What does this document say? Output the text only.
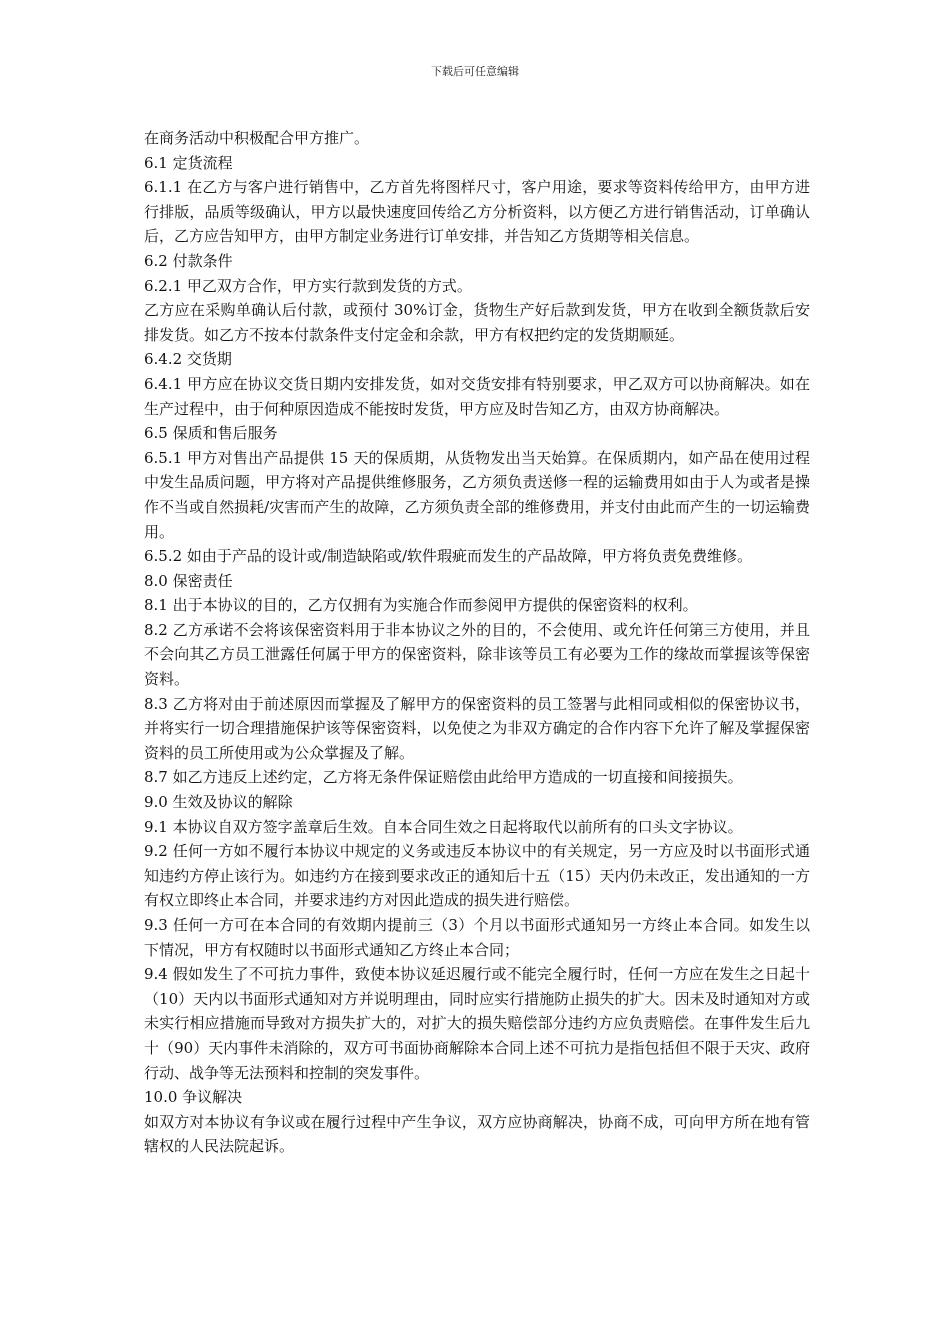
下载后可任意编辑

在商务活动中积极配合甲方推广。

6.1 定货流程

6.1.1 在乙方与客户进行销售中，乙方首先将图样尺寸，客户用途，要求等资料传给甲方，由甲方进行排版，品质等级确认，甲方以最快速度回传给乙方分析资料，以方便乙方进行销售活动，订单确认后，乙方应告知甲方，由甲方制定业务进行订单安排，并告知乙方货期等相关信息。

6.2 付款条件

6.2.1 甲乙双方合作，甲方实行款到发货的方式。

乙方应在采购单确认后付款，或预付 30%订金，货物生产好后款到发货，甲方在收到全额货款后安排发货。如乙方不按本付款条件支付定金和余款，甲方有权把约定的发货期顺延。

6.4.2 交货期

6.4.1 甲方应在协议交货日期内安排发货，如对交货安排有特别要求，甲乙双方可以协商解决。如在生产过程中，由于何种原因造成不能按时发货，甲方应及时告知乙方，由双方协商解决。

6.5 保质和售后服务

6.5.1 甲方对售出产品提供 15 天的保质期，从货物发出当天始算。在保质期内，如产品在使用过程中发生品质问题，甲方将对产品提供维修服务，乙方须负责送修一程的运输费用如由于人为或者是操作不当或自然损耗/灾害而产生的故障，乙方须负责全部的维修费用，并支付由此而产生的一切运输费用。

6.5.2 如由于产品的设计或/制造缺陷或/软件瑕疵而发生的产品故障，甲方将负责免费维修。

8.0 保密责任

8.1 出于本协议的目的，乙方仅拥有为实施合作而参阅甲方提供的保密资料的权利。

8.2 乙方承诺不会将该保密资料用于非本协议之外的目的，不会使用、或允许任何第三方使用，并且不会向其乙方员工泄露任何属于甲方的保密资料，除非该等员工有必要为工作的缘故而掌握该等保密资料。

8.3 乙方将对由于前述原因而掌握及了解甲方的保密资料的员工签署与此相同或相似的保密协议书，并将实行一切合理措施保护该等保密资料，以免使之为非双方确定的合作内容下允许了解及掌握保密资料的员工所使用或为公众掌握及了解。

8.7 如乙方违反上述约定，乙方将无条件保证赔偿由此给甲方造成的一切直接和间接损失。

9.0 生效及协议的解除

9.1 本协议自双方签字盖章后生效。自本合同生效之日起将取代以前所有的口头文字协议。

9.2 任何一方如不履行本协议中规定的义务或违反本协议中的有关规定，另一方应及时以书面形式通知违约方停止该行为。如违约方在接到要求改正的通知后十五（15）天内仍未改正，发出通知的一方有权立即终止本合同，并要求违约方对因此造成的损失进行赔偿。

9.3 任何一方可在本合同的有效期内提前三（3）个月以书面形式通知另一方终止本合同。如发生以下情况，甲方有权随时以书面形式通知乙方终止本合同；

9.4 假如发生了不可抗力事件，致使本协议延迟履行或不能完全履行时，任何一方应在发生之日起十（10）天内以书面形式通知对方并说明理由，同时应实行措施防止损失的扩大。因未及时通知对方或未实行相应措施而导致对方损失扩大的，对扩大的损失赔偿部分违约方应负责赔偿。在事件发生后九十（90）天内事件未消除的，双方可书面协商解除本合同上述不可抗力是指包括但不限于天灾、政府行动、战争等无法预料和控制的突发事件。

10.0 争议解决

如双方对本协议有争议或在履行过程中产生争议，双方应协商解决，协商不成，可向甲方所在地有管辖权的人民法院起诉。
